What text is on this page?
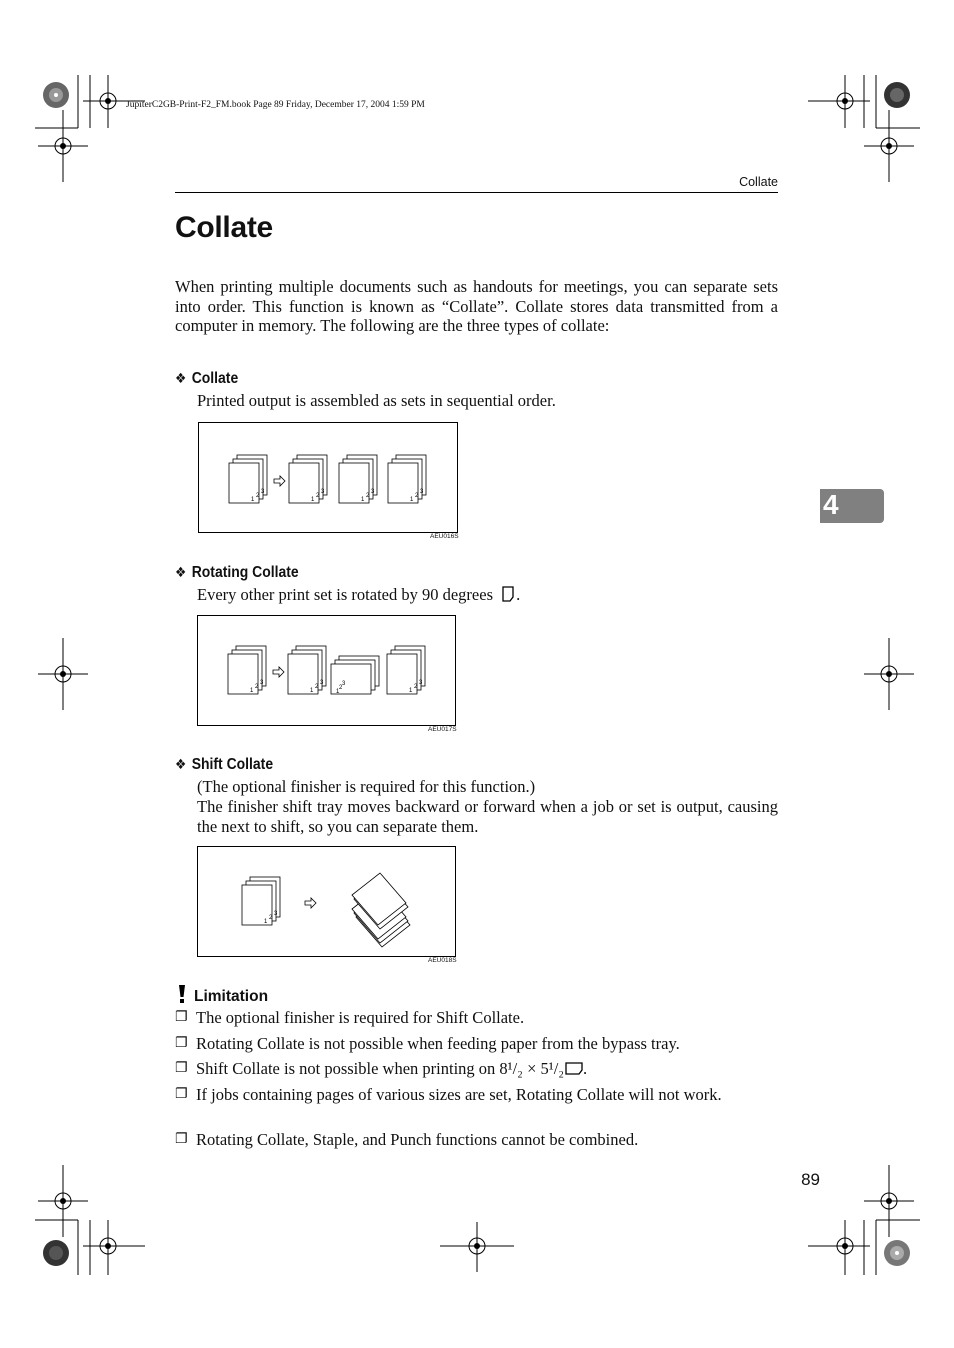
JupiterC2GB-Print-F2_FM.book Page 89 Friday, December 17, 2004 1:59 PM
Collate
Collate
When printing multiple documents such as handouts for meetings, you can separate sets into order. This function is known as “Collate”. Collate stores data transmitted from a computer in memory. The following are the three types of collate:
4
❖ Collate
Printed output is assembled as sets in sequential order.
1
2
3
1
2
3
1
2
3
1
2
3
AEU016S
❖ Rotating Collate
Every other print set is rotated by 90 degrees .
1
2
3
1
2
3
1
2
3
1
2
3
AEU017S
❖ Shift Collate
(The optional finisher is required for this function.)
The finisher shift tray moves backward or forward when a job or set is output, causing the next to shift, so you can separate them.
1
2
3
AEU018S
Limitation
❐ The optional finisher is required for Shift Collate.
❐ Rotating Collate is not possible when feeding paper from the bypass tray.
❐ Shift Collate is not possible when printing on 8¹/₂ × 5¹/₂ .
❐ If jobs containing pages of various sizes are set, Rotating Collate will not work.
❐ Rotating Collate, Staple, and Punch functions cannot be combined.
89
